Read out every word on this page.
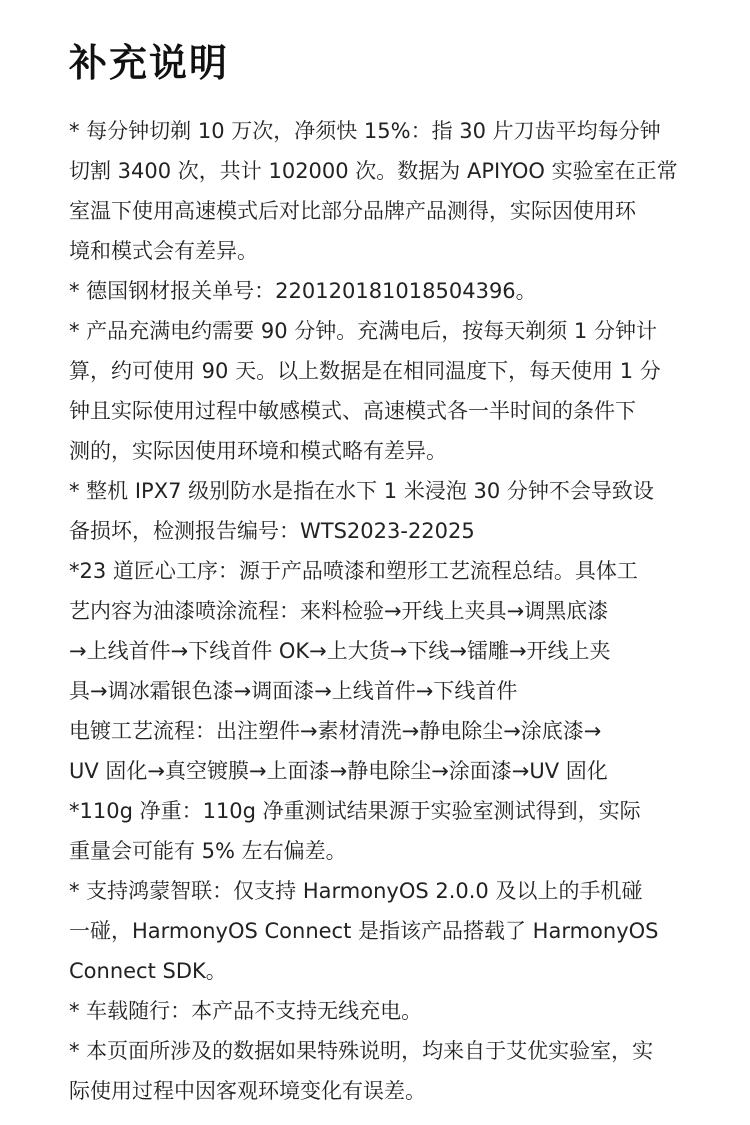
补充说明
* 每分钟切剃 10 万次，净须快 15%：指 30 片刀齿平均每分钟
切割 3400 次，共计 102000 次。数据为 APIYOO 实验室在正常
室温下使用高速模式后对比部分品牌产品测得，实际因使用环
境和模式会有差异。
* 德国钢材报关单号：220120181018504396。
* 产品充满电约需要 90 分钟。充满电后，按每天剃须 1 分钟计
算，约可使用 90 天。以上数据是在相同温度下，每天使用 1 分
钟且实际使用过程中敏感模式、高速模式各一半时间的条件下
测的，实际因使用环境和模式略有差异。
* 整机 IPX7 级别防水是指在水下 1 米浸泡 30 分钟不会导致设
备损坏，检测报告编号：WTS2023-22025
*23 道匠心工序：源于产品喷漆和塑形工艺流程总结。具体工
艺内容为油漆喷涂流程：来料检验→开线上夹具→调黑底漆
→上线首件→下线首件 OK→上大货→下线→镭雕→开线上夹
具→调冰霜银色漆→调面漆→上线首件→下线首件
电镀工艺流程：出注塑件→素材清洗→静电除尘→涂底漆→
UV 固化→真空镀膜→上面漆→静电除尘→涂面漆→UV 固化
*110g 净重：110g 净重测试结果源于实验室测试得到，实际
重量会可能有 5% 左右偏差。
* 支持鸿蒙智联：仅支持 HarmonyOS 2.0.0 及以上的手机碰
一碰，HarmonyOS Connect 是指该产品搭载了 HarmonyOS
Connect SDK。
* 车载随行：本产品不支持无线充电。
* 本页面所涉及的数据如果特殊说明，均来自于艾优实验室，实
际使用过程中因客观环境变化有误差。
